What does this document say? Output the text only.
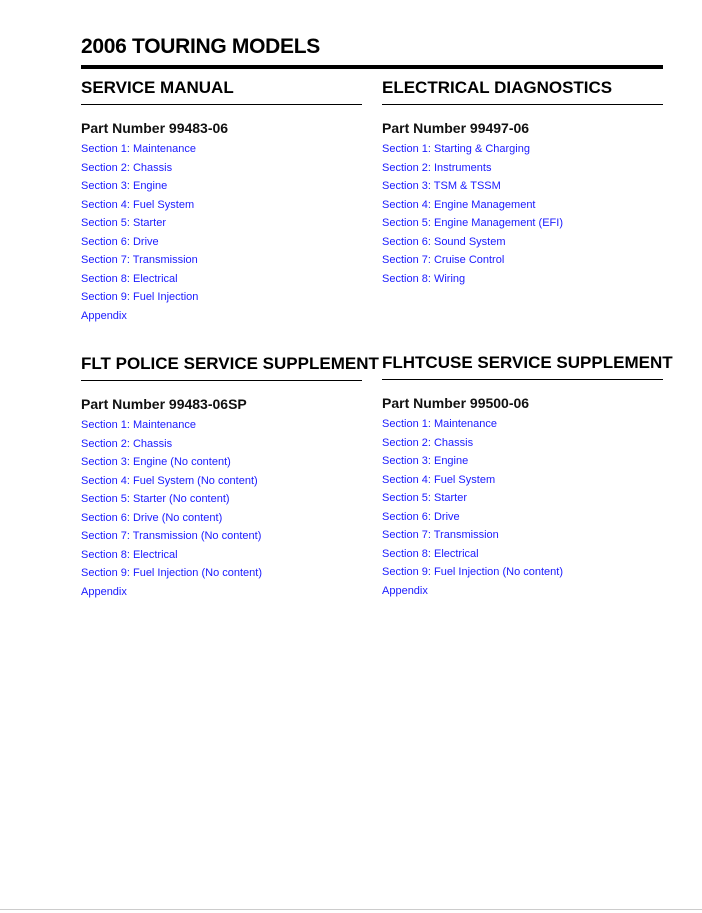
2006 TOURING MODELS
SERVICE MANUAL
Part Number 99483-06
Section 1: Maintenance
Section 2: Chassis
Section 3: Engine
Section 4: Fuel System
Section 5: Starter
Section 6: Drive
Section 7: Transmission
Section 8: Electrical
Section 9: Fuel Injection
Appendix
ELECTRICAL DIAGNOSTICS
Part Number 99497-06
Section 1: Starting & Charging
Section 2: Instruments
Section 3: TSM & TSSM
Section 4: Engine Management
Section 5: Engine Management (EFI)
Section 6: Sound System
Section 7: Cruise Control
Section 8: Wiring
FLT POLICE SERVICE SUPPLEMENT
Part Number 99483-06SP
Section 1: Maintenance
Section 2: Chassis
Section 3: Engine (No content)
Section 4: Fuel System (No content)
Section 5: Starter (No content)
Section 6: Drive (No content)
Section 7: Transmission (No content)
Section 8: Electrical
Section 9: Fuel Injection (No content)
Appendix
FLHTCUSE SERVICE SUPPLEMENT
Part Number 99500-06
Section 1: Maintenance
Section 2: Chassis
Section 3: Engine
Section 4: Fuel System
Section 5: Starter
Section 6: Drive
Section 7: Transmission
Section 8: Electrical
Section 9: Fuel Injection (No content)
Appendix
